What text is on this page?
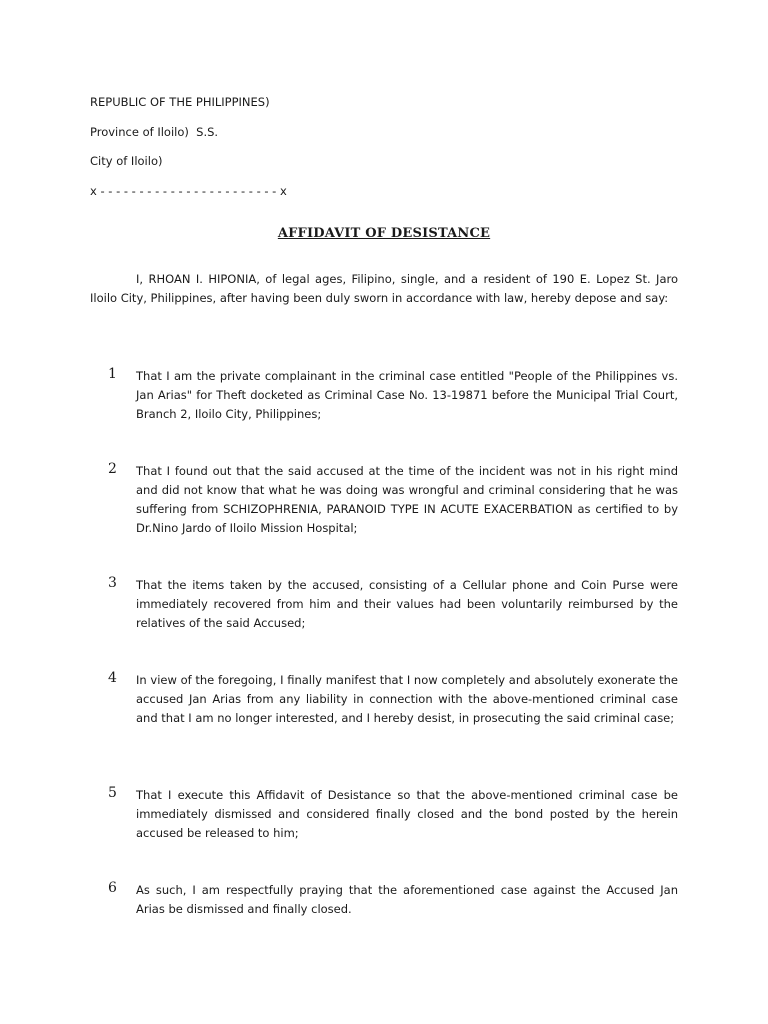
REPUBLIC OF THE PHILIPPINES)
Province of Iloilo)  S.S.
City of Iloilo)
x - - - - - - - - - - - - - - - - - - - - - - - x
AFFIDAVIT OF DESISTANCE
I, RHOAN I. HIPONIA, of legal ages, Filipino, single, and a resident of 190 E. Lopez St. Jaro Iloilo City, Philippines, after having been duly sworn in accordance with law, hereby depose and say:
1	That I am the private complainant in the criminal case entitled "People of the Philippines vs. Jan Arias" for Theft docketed as Criminal Case No. 13-19871 before the Municipal Trial Court, Branch 2, Iloilo City, Philippines;
2	That I found out that the said accused at the time of the incident was not in his right mind and did not know that what he was doing was wrongful and criminal considering that he was suffering from SCHIZOPHRENIA, PARANOID TYPE IN ACUTE EXACERBATION as certified to by Dr.Nino Jardo of Iloilo Mission Hospital;
3	That the items taken by the accused, consisting of a Cellular phone and Coin Purse were immediately recovered from him and their values had been voluntarily reimbursed by the relatives of the said Accused;
4	In view of the foregoing, I finally manifest that I now completely and absolutely exonerate the accused Jan Arias from any liability in connection with the above-mentioned criminal case and that I am no longer interested, and I hereby desist, in prosecuting the said criminal case;
5	That I execute this Affidavit of Desistance so that the above-mentioned criminal case be immediately dismissed and considered finally closed and the bond posted by the herein accused be released to him;
6	As such, I am respectfully praying that the aforementioned case against the Accused Jan Arias be dismissed and finally closed.
